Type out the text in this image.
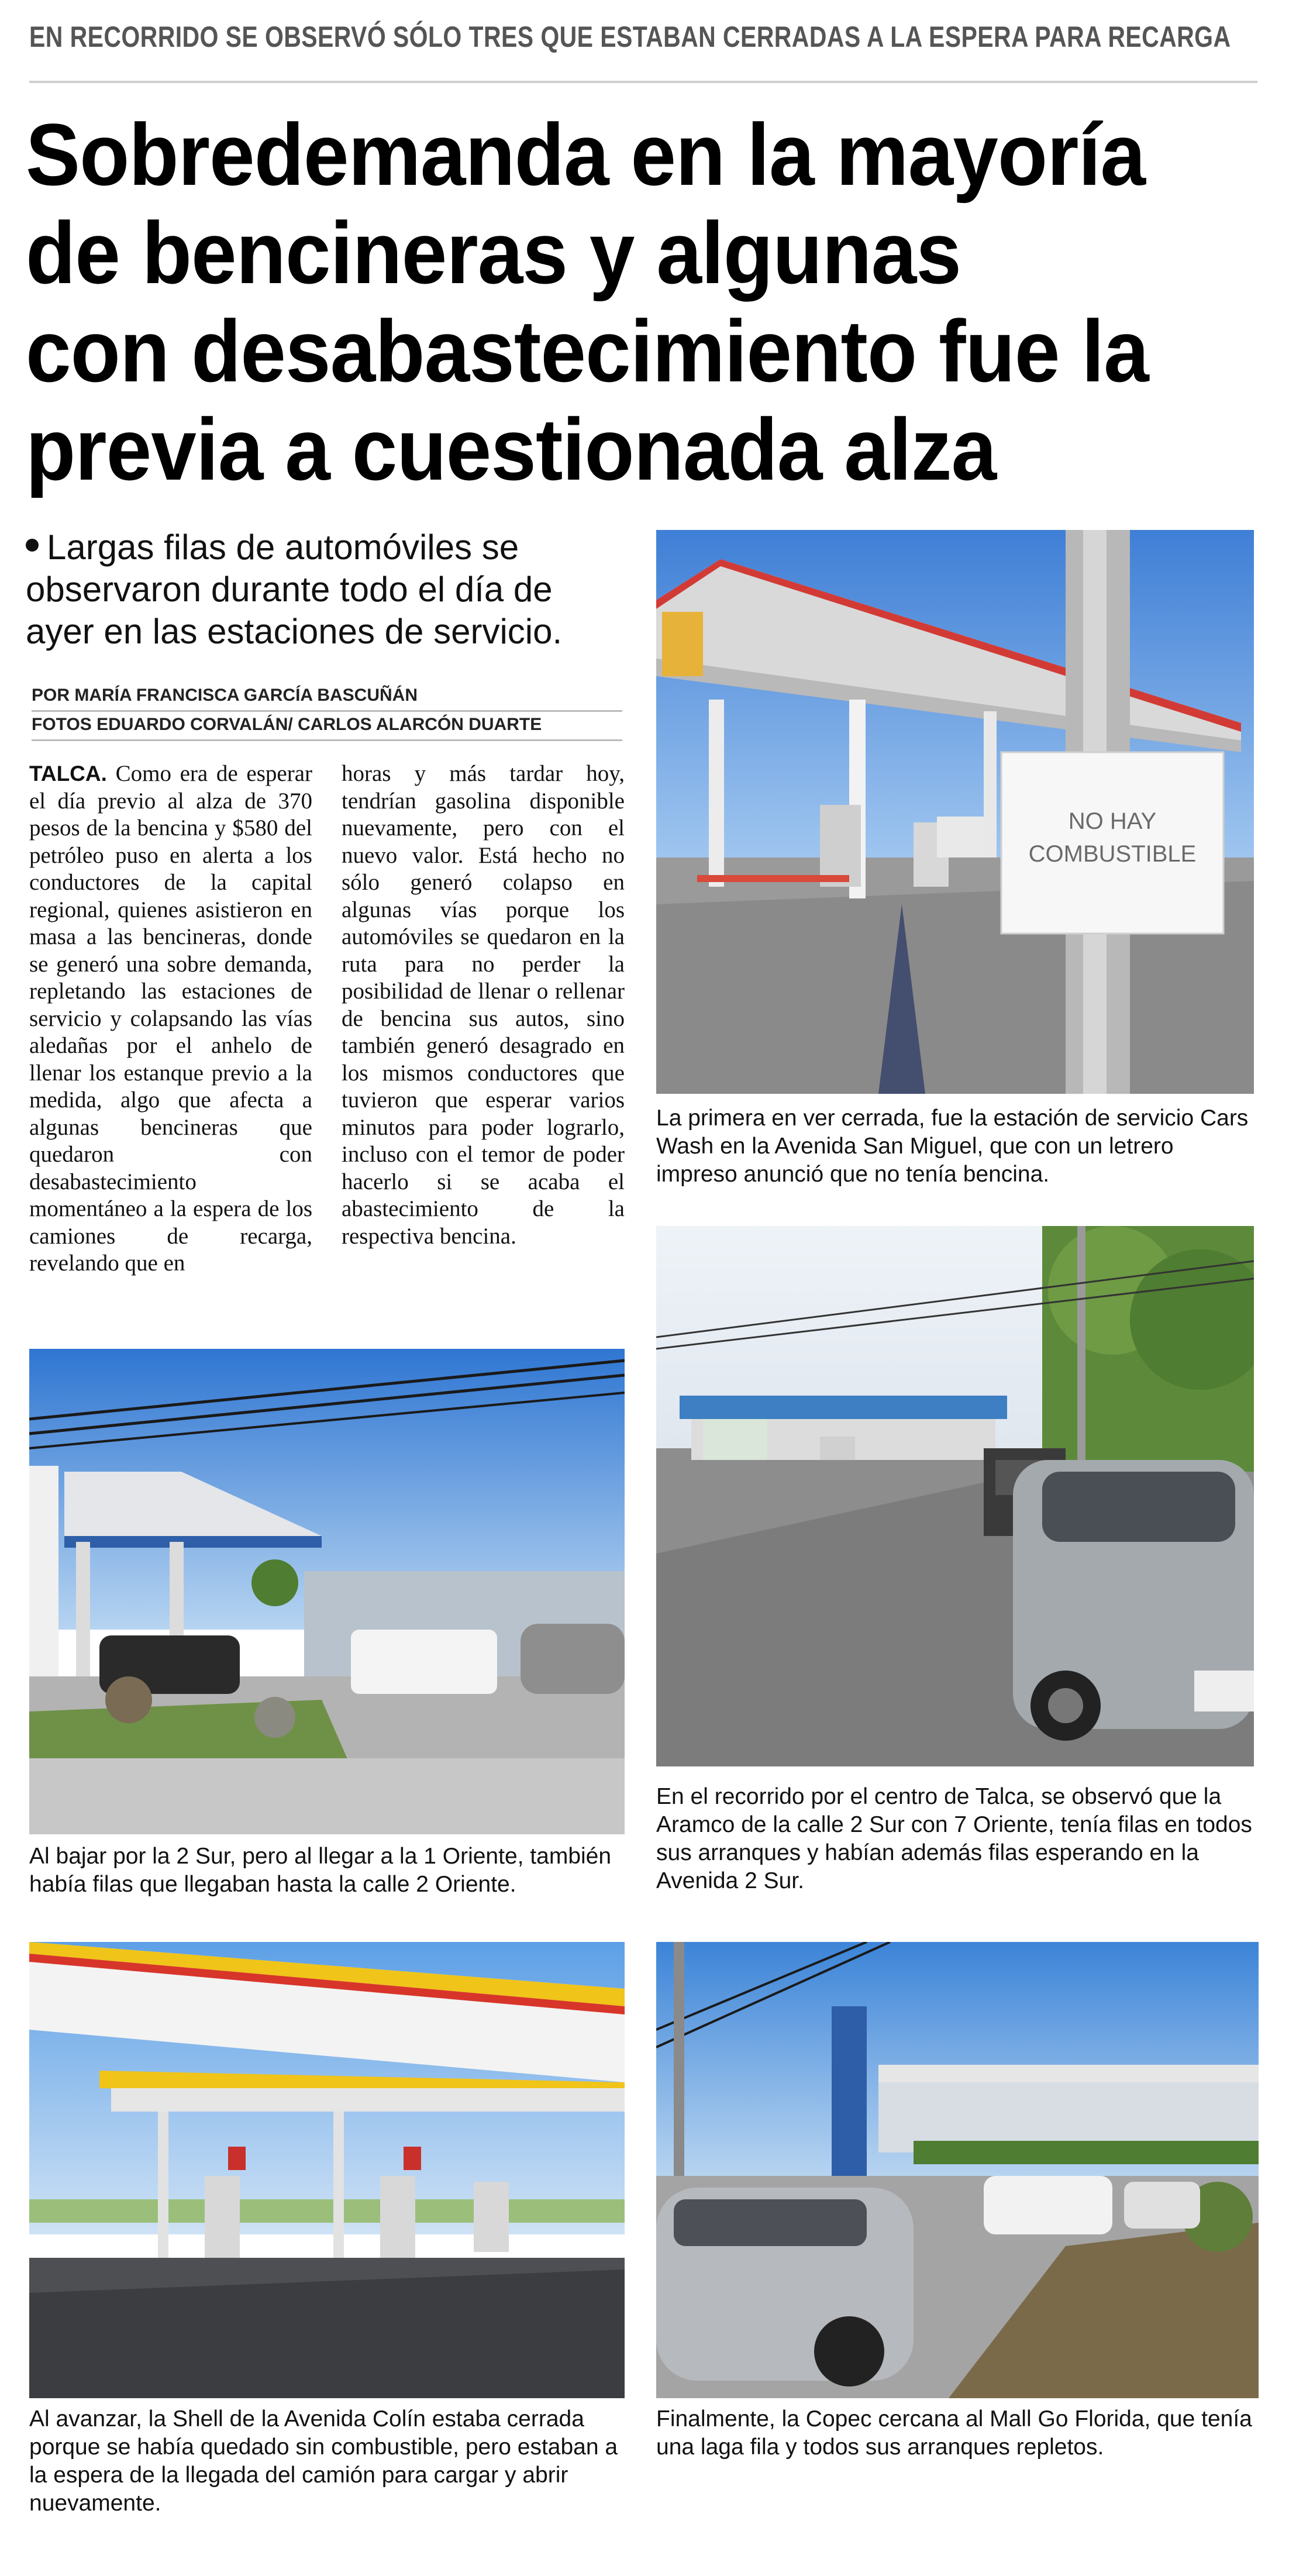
EN RECORRIDO SE OBSERVÓ SÓLO TRES QUE ESTABAN CERRADAS A LA ESPERA PARA RECARGA
Sobredemanda en la mayoría
de bencineras y algunas
con desabastecimiento fue la
previa a cuestionada alza
Largas filas de automóviles se observaron durante todo el día de ayer en las estaciones de servicio.
POR MARÍA FRANCISCA GARCÍA BASCUÑÁN
FOTOS EDUARDO CORVALÁN/ CARLOS ALARCÓN DUARTE
TALCA. Como era de esperar el día previo al alza de 370 pesos de la bencina y $580 del petróleo puso en alerta a los conductores de la capital regional, quienes asistieron en masa a las bencineras, donde se generó una sobre demanda, repletando las estaciones de servicio y colapsando las vías aledañas por el anhelo de llenar los estanque previo a la medida, algo que afecta a algunas bencineras que quedaron con desabastecimiento momentáneo a la espera de los camiones de recarga, revelando que en
horas y más tardar hoy, tendrían gasolina disponible nuevamente, pero con el nuevo valor. Está hecho no sólo generó colapso en algunas vías porque los automóviles se quedaron en la ruta para no perder la posibilidad de llenar o rellenar de bencina sus autos, sino también generó desagrado en los mismos conductores que tuvieron que esperar varios minutos para poder lograrlo, incluso con el temor de poder hacerlo si se acaba el abastecimiento de la respectiva bencina.
NO HAY COMBUSTIBLE
La primera en ver cerrada, fue la estación de servicio Cars Wash en la Avenida San Miguel, que con un letrero impreso anunció que no tenía bencina.
En el recorrido por el centro de Talca, se observó que la Aramco de la calle 2 Sur con 7 Oriente, tenía filas en todos sus arranques y habían además filas esperando en la Avenida 2 Sur.
Al bajar por la 2 Sur, pero al llegar a la 1 Oriente, también había filas que llegaban hasta la calle 2 Oriente.
Al avanzar, la Shell de la Avenida Colín estaba cerrada porque se había quedado sin combustible, pero estaban a la espera de la llegada del camión para cargar y abrir nuevamente.
Finalmente, la Copec cercana al Mall Go Florida, que tenía una laga fila y todos sus arranques repletos.
